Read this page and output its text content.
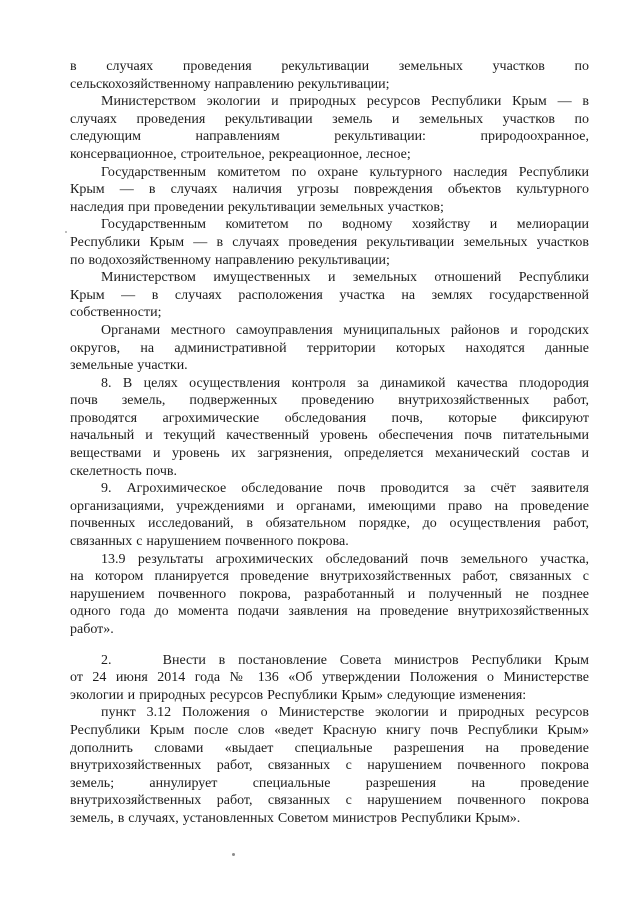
в случаях проведения рекультивации земельных участков по
сельскохозяйственному направлению рекультивации;
Министерством экологии и природных ресурсов Республики Крым — в
случаях проведения рекультивации земель и земельных участков по
следующим направлениям рекультивации: природоохранное,
консервационное, строительное, рекреационное, лесное;
Государственным комитетом по охране культурного наследия Республики
Крым — в случаях наличия угрозы повреждения объектов культурного
наследия при проведении рекультивации земельных участков;
Государственным комитетом по водному хозяйству и мелиорации
Республики Крым — в случаях проведения рекультивации земельных участков
по водохозяйственному направлению рекультивации;
Министерством имущественных и земельных отношений Республики
Крым — в случаях расположения участка на землях государственной
собственности;
Органами местного самоуправления муниципальных районов и городских
округов, на административной территории которых находятся данные
земельные участки.
8. В целях осуществления контроля за динамикой качества плодородия
почв земель, подверженных проведению внутрихозяйственных работ,
проводятся агрохимические обследования почв, которые фиксируют
начальный и текущий качественный уровень обеспечения почв питательными
веществами и уровень их загрязнения, определяется механический состав и
скелетность почв.
9. Агрохимическое обследование почв проводится за счёт заявителя
организациями, учреждениями и органами, имеющими право на проведение
почвенных исследований, в обязательном порядке, до осуществления работ,
связанных с нарушением почвенного покрова.
13.9 результаты агрохимических обследований почв земельного участка,
на котором планируется проведение внутрихозяйственных работ, связанных с
нарушением почвенного покрова, разработанный и полученный не позднее
одного года до момента подачи заявления на проведение внутрихозяйственных
работ».
2.    Внести в постановление Совета министров Республики Крым
от 24 июня 2014 года № 136 «Об утверждении Положения о Министерстве
экологии и природных ресурсов Республики Крым» следующие изменения:
пункт 3.12 Положения о Министерстве экологии и природных ресурсов
Республики Крым после слов «ведет Красную книгу почв Республики Крым»
дополнить словами «выдает специальные разрешения на проведение
внутрихозяйственных работ, связанных с нарушением почвенного покрова
земель; аннулирует специальные разрешения на проведение
внутрихозяйственных работ, связанных с нарушением почвенного покрова
земель, в случаях, установленных Советом министров Республики Крым».
